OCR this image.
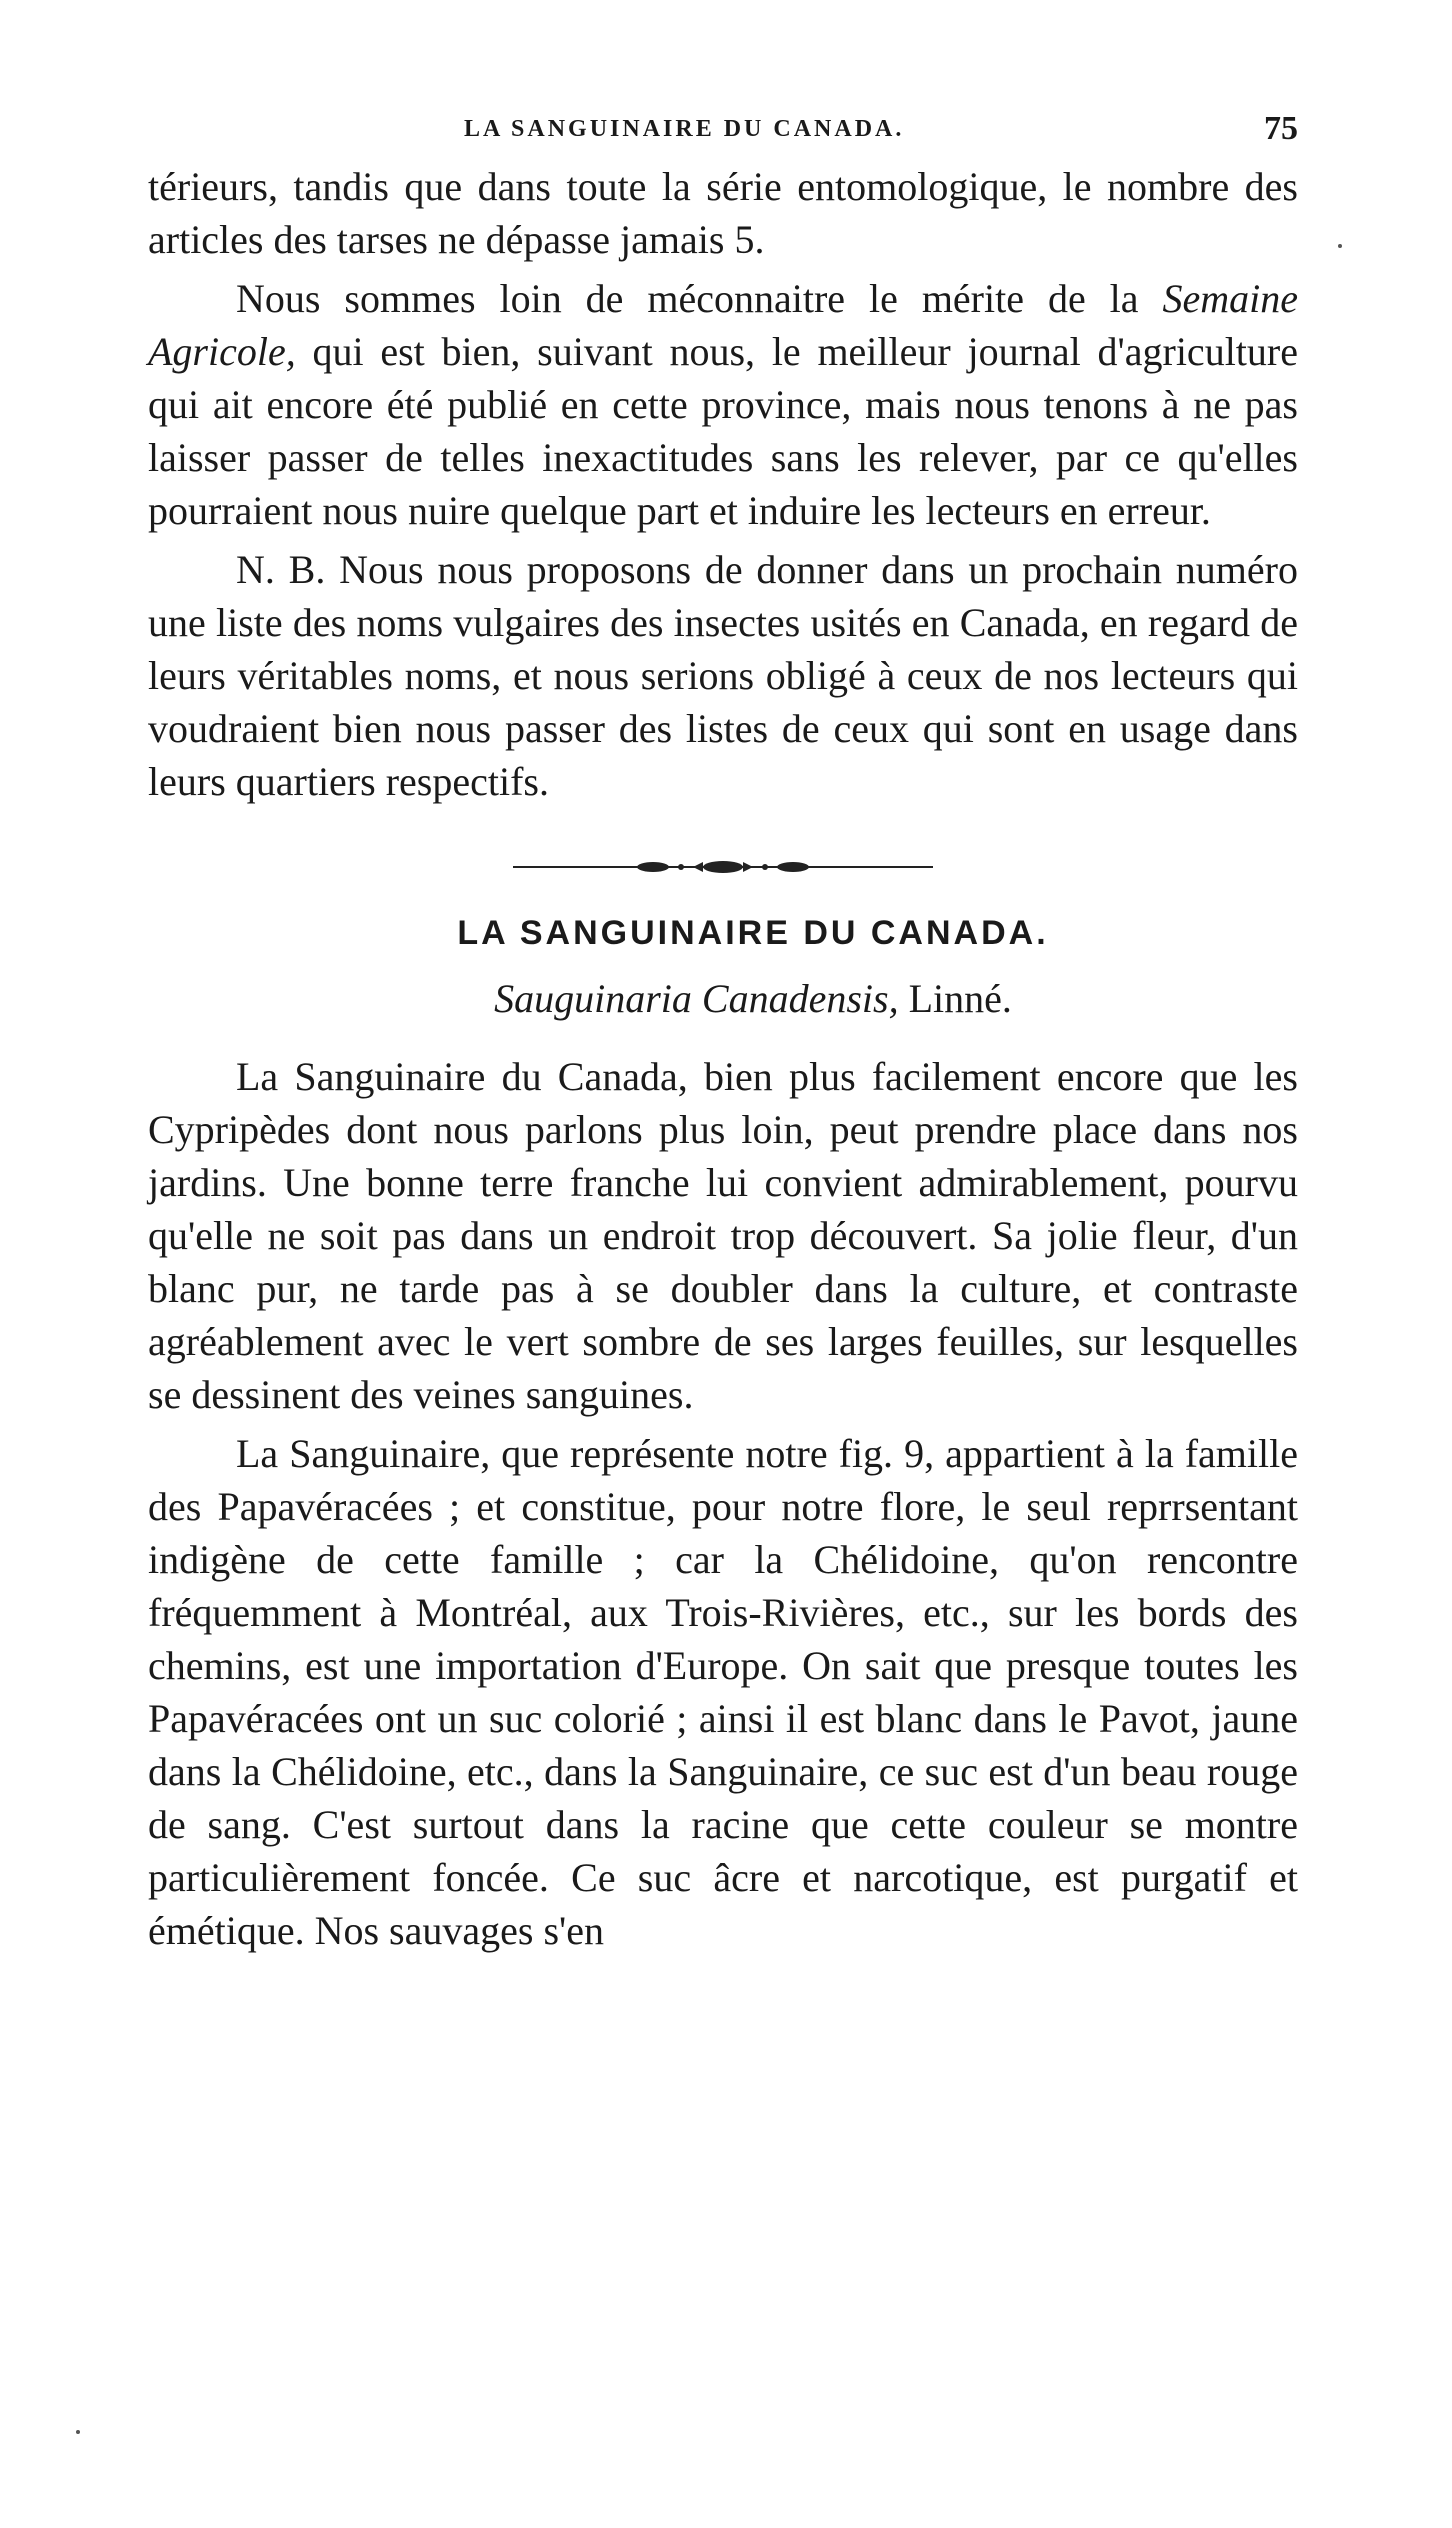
LA SANGUINAIRE DU CANADA.	75

térieurs, tandis que dans toute la série entomologique, le nombre des articles des tarses ne dépasse jamais 5.

Nous sommes loin de méconnaitre le mérite de la Semaine Agricole, qui est bien, suivant nous, le meilleur journal d'agriculture qui ait encore été publié en cette province, mais nous tenons à ne pas laisser passer de telles inexactitudes sans les relever, par ce qu'elles pourraient nous nuire quelque part et induire les lecteurs en erreur.

N. B. Nous nous proposons de donner dans un prochain numéro une liste des noms vulgaires des insectes usités en Canada, en regard de leurs véritables noms, et nous serions obligé à ceux de nos lecteurs qui voudraient bien nous passer des listes de ceux qui sont en usage dans leurs quartiers respectifs.

LA SANGUINAIRE DU CANADA.
Sauguinaria Canadensis, Linné.

La Sanguinaire du Canada, bien plus facilement encore que les Cypripèdes dont nous parlons plus loin, peut prendre place dans nos jardins. Une bonne terre franche lui convient admirablement, pourvu qu'elle ne soit pas dans un endroit trop découvert. Sa jolie fleur, d'un blanc pur, ne tarde pas à se doubler dans la culture, et contraste agréablement avec le vert sombre de ses larges feuilles, sur lesquelles se dessinent des veines sanguines.

La Sanguinaire, que représente notre fig. 9, appartient à la famille des Papavéracées ; et constitue, pour notre flore, le seul reprrsentant indigène de cette famille ; car la Chélidoine, qu'on rencontre fréquemment à Montréal, aux Trois-Rivières, etc., sur les bords des chemins, est une importation d'Europe. On sait que presque toutes les Papavéracées ont un suc colorié ; ainsi il est blanc dans le Pavot, jaune dans la Chélidoine, etc., dans la Sanguinaire, ce suc est d'un beau rouge de sang. C'est surtout dans la racine que cette couleur se montre particulièrement foncée. Ce suc âcre et narcotique, est purgatif et émétique. Nos sauvages s'en
